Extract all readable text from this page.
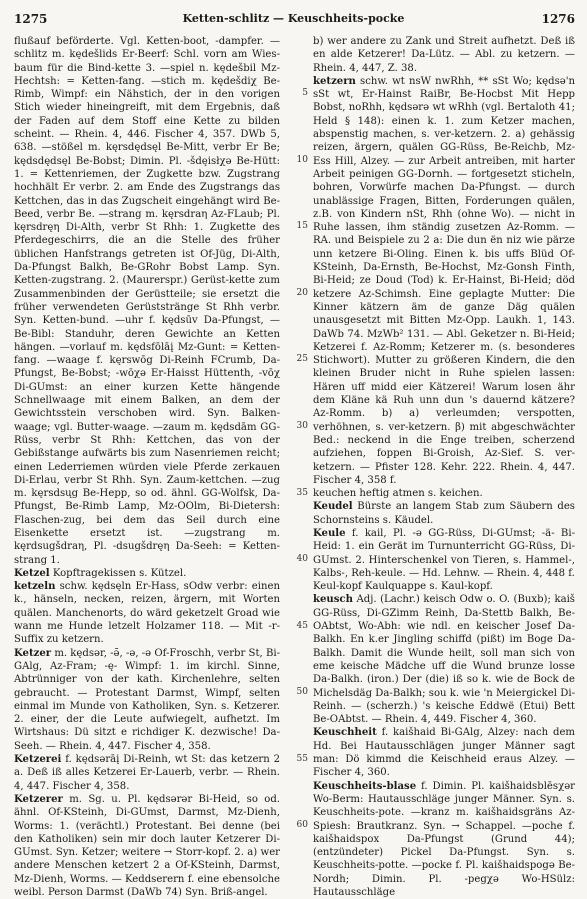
1275	Ketten-schlitz — Keuschheits-pocke	1276

flußauf beförderte. Vgl. Ketten-boot, -dampfer. —schlitz m. kędešlids Er-Beerf: Schl. vorn am Wies-baum für die Bind-kette 3. —spiel n. kędešbil Mz-Hechtsh: = Ketten-fang. —stich m. kędešdiχ Be-Rimb, Wimpf: ein Nähstich, der in den vorigen Stich wieder hineingreift, mit dem Ergebnis, daß der Faden auf dem Stoff eine Kette zu bilden scheint. — Rhein. 4, 446. Fischer 4, 357. DWb 5, 638. —stößel m. kęrsdędsęl Be-Mitt, verbr Er Be; kędsdędsęl Be-Bobst; Dimin. Pl. -šdęisłχə Be-Hütt: 1. = Kettenriemen, der Zugkette bzw. Zugstrang hochhält Er verbr. 2. am Ende des Zugstrangs das Kettchen, das in das Zugscheit eingehängt wird Be-Beed, verbr Be. —strang m. kęrsdraη Az-FLaub; Pl. kęrsdręη Di-Alth, verbr St Rhh: 1. Zugkette des Pferdegeschirrs, die an die Stelle des früher üblichen Hanfstrangs getreten ist Of-Jüg, Di-Alth, Da-Pfungst Balkh, Be-GRohr Bobst Lamp. Syn. Ketten-zugstrang. 2. (Maurerspr.) Gerüst-kette zum Zusammenbinden der Gerüstteile; sie ersetzt die früher verwendeten Gerüststränge St Rhh verbr. Syn. Ketten-bund. —uhr f. kędsūv Da-Pfungst, — Be-Bibl: Standuhr, deren Gewichte an Ketten hängen. —vorlauf m. kędsfōlāį Mz-Gunt: = Ketten-fang. —waage f. kęrswōg Di-Reinh FCrumb, Da-Pfungst, Be-Bobst; -wōχə Er-Haisst Hüttenth, -vōχ Di-GUmst: an einer kurzen Kette hängende Schnellwaage mit einem Balken, an dem der Gewichtsstein verschoben wird. Syn. Balken-waage; vgl. Butter-waage. —zaum m. kędsdām GG-Rüss, verbr St Rhh: Kettchen, das von der Gebißstange aufwärts bis zum Nasenriemen reicht; einen Lederriemen würden viele Pferde zerkauen Di-Erlau, verbr St Rhh. Syn. Zaum-kettchen. —zug m. kęrsdsųg Be-Hepp, so od. ähnl. GG-Wolfsk, Da-Pfungst, Be-Rimb Lamp, Mz-OOlm, Bi-Dietersh: Flaschen-zug, bei dem das Seil durch eine Eisenkette ersetzt ist. —zugstrang m. kęrdsugšdraη, Pl. -dsugšdręη Da-Seeh: = Ketten-strang 1.

Ketzel Kopftragekissen s. Kützel.

ketzeln schw. kędsęln Er-Hass, sOdw verbr: einen k., hänseln, necken, reizen, ärgern, mit Worten quälen. Manchenorts, do wärd geketzelt Groad wie wann me Hunde letzelt Holzamer 118. — Mit -r-Suffix zu ketzern.

Ketzer m. kędsər, -ə̄, -ə, -ə Of-Froschh, verbr St, Bi-GAlg, Az-Fram; -ę- Wimpf: 1. im kirchl. Sinne, Abtrünniger von der kath. Kirchenlehre, selten gebraucht. — Protestant Darmst, Wimpf, selten einmal im Munde von Katholiken, Syn. s. Ketzerer. 2. einer, der die Leute aufwiegelt, aufhetzt. Im Wirtshaus: Dü sitzt e richdiger K. dezwische! Da-Seeh. — Rhein. 4, 447. Fischer 4, 358.

Ketzerei f. kędsərāį Di-Reinh, wt St: das ketzern 2 a. Deß iß alles Ketzerei Er-Lauerb, verbr. — Rhein. 4, 447. Fischer 4, 358.

Ketzerer m. Sg. u. Pl. kędsərər Bi-Heid, so od. ähnl. Of-KSteinh, Di-GUmst, Darmst, Mz-Dienh, Worms: 1. (verächtl.) Protestant. Bei denne (bei den Katholiken) sein mir doch lauter Ketzerer Di-GUmst. Syn. Ketzer; weitere → Storr-kopf. 2. a) wer andere Menschen ketzert 2 a Of-KSteinh, Darmst, Mz-Dienh, Worms. — Keddserern f. eine ebensolche weibl. Person Darmst (DaWb 74) Syn. Briß-angel.

5
10
15
20
25
30
35
40
45
50
55
60

b) wer andere zu Zank und Streit aufhetzt. Deß iß en alde Ketzerer! Da-Lütz. — Abl. zu ketzern. — Rhein. 4, 447, Z. 38.

ketzern schw. wt nsW nwRhh, ** sSt Wo; kędsə'n sSt wt, Er-Hainst RaiBr, Be-Hocbst Mit Hepp Bobst, noRhh, kędsərə wt wRhh (vgl. Bertaloth 41; Held § 148): einen k. 1. zum Ketzer machen, abspenstig machen, s. ver-ketzern. 2. a) gehässig reizen, ärgern, quälen GG-Rüss, Be-Reichb, Mz-Ess Hill, Alzey. — zur Arbeit antreiben, mit harter Arbeit peinigen GG-Dornh. — fortgesetzt sticheln, bohren, Vorwürfe machen Da-Pfungst. — durch unablässige Fragen, Bitten, Forderungen quälen, z.B. von Kindern nSt, Rhh (ohne Wo). — nicht in Ruhe lassen, ihm ständig zusetzen Az-Romm. — RA. und Beispiele zu 2 a: Die dun ën niz wie pärze unn ketzere Bi-Oling. Einen k. bis uffs Blüd Of-KSteinh, Da-Ernsth, Be-Hochst, Mz-Gonsh Finth, Bi-Heid; ze Doud (Tod) k. Er-Hainst, Bi-Heid; död ketzere Az-Schimsh. Eine geplagte Mutter: Die Kinner kätzern äm de ganze Däg quälen unausgesetzt mit Bitten Mz-Opp. Laukh. 1, 143. DaWb 74. MzWb² 131. — Abl. Geketzer n. Bi-Heid; Ketzerei f. Az-Romm; Ketzerer m. (s. besonderes Stichwort). Mutter zu größeren Kindern, die den kleinen Bruder nicht in Ruhe spielen lassen: Hären uff midd eier Kätzerei! Warum losen ähr dem Kläne kä Ruh unn dun 's dauernd kätzere? Az-Romm. b) a) verleumden; verspotten, verhöhnen, s. ver-ketzern. β) mit abgeschwächter Bed.: neckend in die Enge treiben, scherzend aufziehen, foppen Bi-Groish, Az-Sief. S. ver-ketzern. — Pfister 128. Kehr. 222. Rhein. 4, 447. Fischer 4, 358 f.

keuchen heftig atmen s. keichen.

Keudel Bürste an langem Stab zum Säubern des Schornsteins s. Käudel.

Keule f. kail, Pl. -ə GG-Rüss, Di-GUmst; -ä- Bi-Heid: 1. ein Gerät im Turnunterricht GG-Rüss, Di-GUmst. 2. Hinterschenkel von Tieren, s. Hammel-, Kalbs-, Reh-keule. — Hd. Lehnw. — Rhein. 4, 448 f.

Keul-kopf Kaulquappe s. Kaul-kopf.

keusch Adj. (Lachr.) keisch Odw o. O. (Buxb); kaiš GG-Rüss, Di-GZimm Reinh, Da-Stettb Balkh, Be-OAbtst, Wo-Abh: wie ndl. en keischer Josef Da-Balkh. En k.er Jingling schiffd (pißt) im Boge Da-Balkh. Damit die Wunde heilt, soll man sich von eme keische Mädche uff die Wund brunze losse Da-Balkh. (iron.) Der (die) iß so k. wie de Bock de Michelsdäg Da-Balkh; sou k. wie 'n Meiergickel Di-Reinh. — (scherzh.) 's keische Eddwë (Etui) Bett Be-OAbtst. — Rhein. 4, 449. Fischer 4, 360.

Keuschheit f. kaišhaid Bi-GAlg, Alzey: nach dem Hd. Bei Hautausschlägen junger Männer sagt man: Dö kimmd die Keischheid eraus Alzey. — Fischer 4, 360.

Keuschheits-blase f. Dimin. Pl. kaišhaidsblēsχər Wo-Berm: Hautausschläge junger Männer. Syn. s. Keuschheits-pote. —kranz m. kaišhaidsgräns Az-Spiesh: Brautkranz. Syn. → Schappel. —poche f. kaišhaidspox Da-Pfungst (Grund 44); (entzündeter) Pickel Da-Pfungst. Syn. s. Keuschheits-potte. —pocke f. Pl. kaišhaidspogə Be-Nordh; Dimin. Pl. -pegχə Wo-HSülz: Hautausschläge
